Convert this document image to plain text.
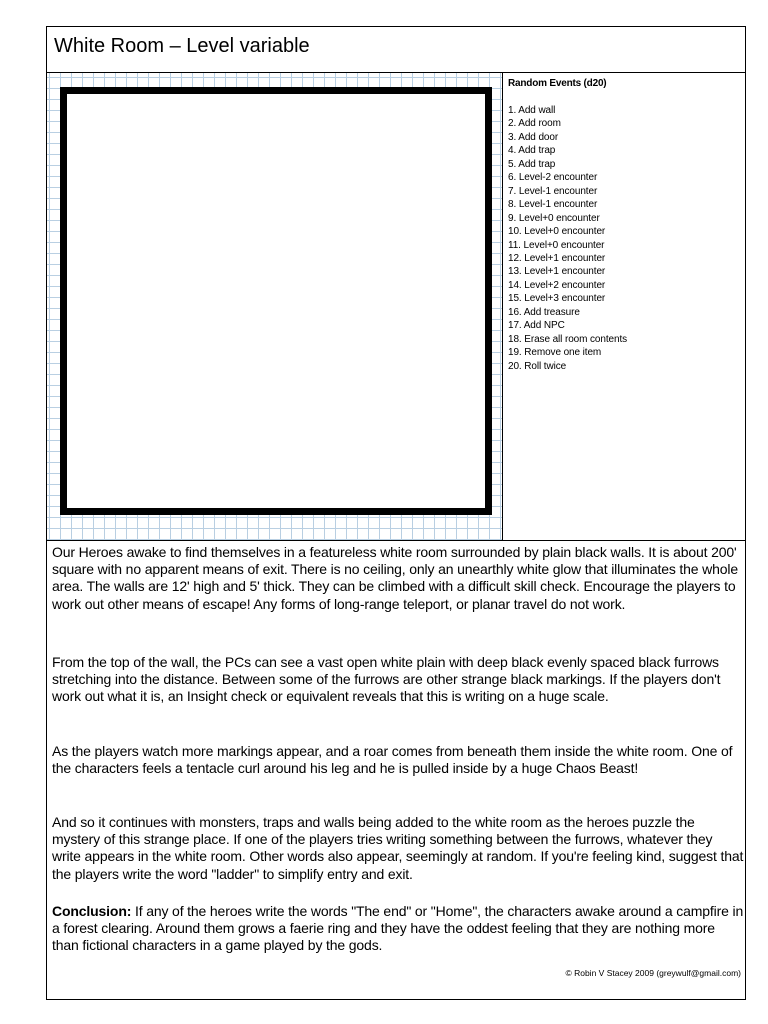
White Room – Level variable
Random Events (d20)
1. Add wall
2. Add room
3. Add door
4. Add trap
5. Add trap
6. Level-2 encounter
7. Level-1 encounter
8. Level-1 encounter
9. Level+0 encounter
10. Level+0 encounter
11. Level+0 encounter
12. Level+1 encounter
13. Level+1 encounter
14. Level+2 encounter
15. Level+3 encounter
16. Add treasure
17. Add NPC
18. Erase all room contents
19. Remove one item
20. Roll twice

Our Heroes awake to find themselves in a featureless white room surrounded by plain black walls. It is about 200' square with no apparent means of exit. There is no ceiling, only an unearthly white glow that illuminates the whole area. The walls are 12' high and 5' thick. They can be climbed with a difficult skill check. Encourage the players to work out other means of escape! Any forms of long-range teleport, or planar travel do not work.

From the top of the wall, the PCs can see a vast open white plain with deep black evenly spaced black furrows stretching into the distance. Between some of the furrows are other strange black markings. If the players don't work out what it is, an Insight check or equivalent reveals that this is writing on a huge scale.

As the players watch more markings appear, and a roar comes from beneath them inside the white room. One of the characters feels a tentacle curl around his leg and he is pulled inside by a huge Chaos Beast!

And so it continues with monsters, traps and walls being added to the white room as the heroes puzzle the mystery of this strange place. If one of the players tries writing something between the furrows, whatever they write appears in the white room. Other words also appear, seemingly at random. If you're feeling kind, suggest that the players write the word "ladder" to simplify entry and exit.

Conclusion: If any of the heroes write the words "The end" or "Home", the characters awake around a campfire in a forest clearing. Around them grows a faerie ring and they have the oddest feeling that they are nothing more than fictional characters in a game played by the gods.

© Robin V Stacey 2009 (greywulf@gmail.com)
